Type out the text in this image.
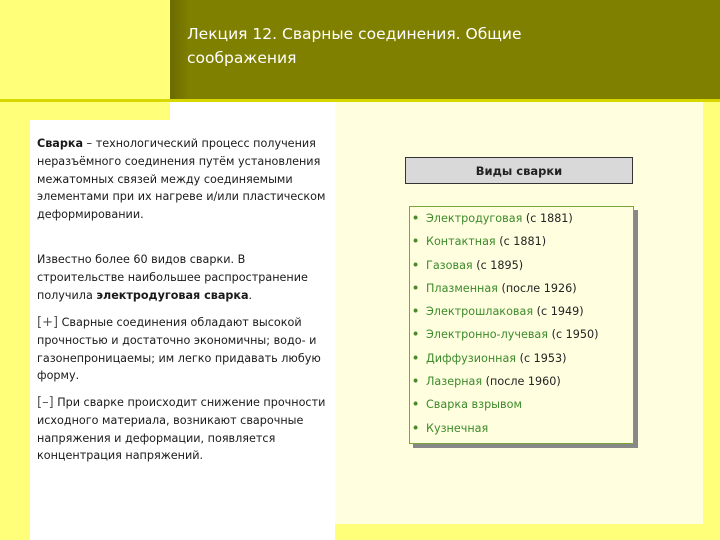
Лекция 12. Сварные соединения. Общие
соображения
Сварка – технологический процесс получения неразъёмного соединения путём установления межатомных связей между соединяемыми элементами при их нагреве и/или пластическом деформировании.
Известно более 60 видов сварки. В строительстве наибольшее распространение получила электродуговая сварка.
[+] Сварные соединения обладают высокой прочностью и достаточно экономичны; водо- и газонепроницаемы; им легко придавать любую форму.
[–] При сварке происходит снижение прочности исходного материала, возникают сварочные напряжения и деформации, появляется концентрация напряжений.
Виды сварки
• Электродуговая (с 1881)
• Контактная (с 1881)
• Газовая (с 1895)
• Плазменная (после 1926)
• Электрошлаковая (с 1949)
• Электронно-лучевая (с 1950)
• Диффузионная (с 1953)
• Лазерная (после 1960)
• Сварка взрывом
• Кузнечная
